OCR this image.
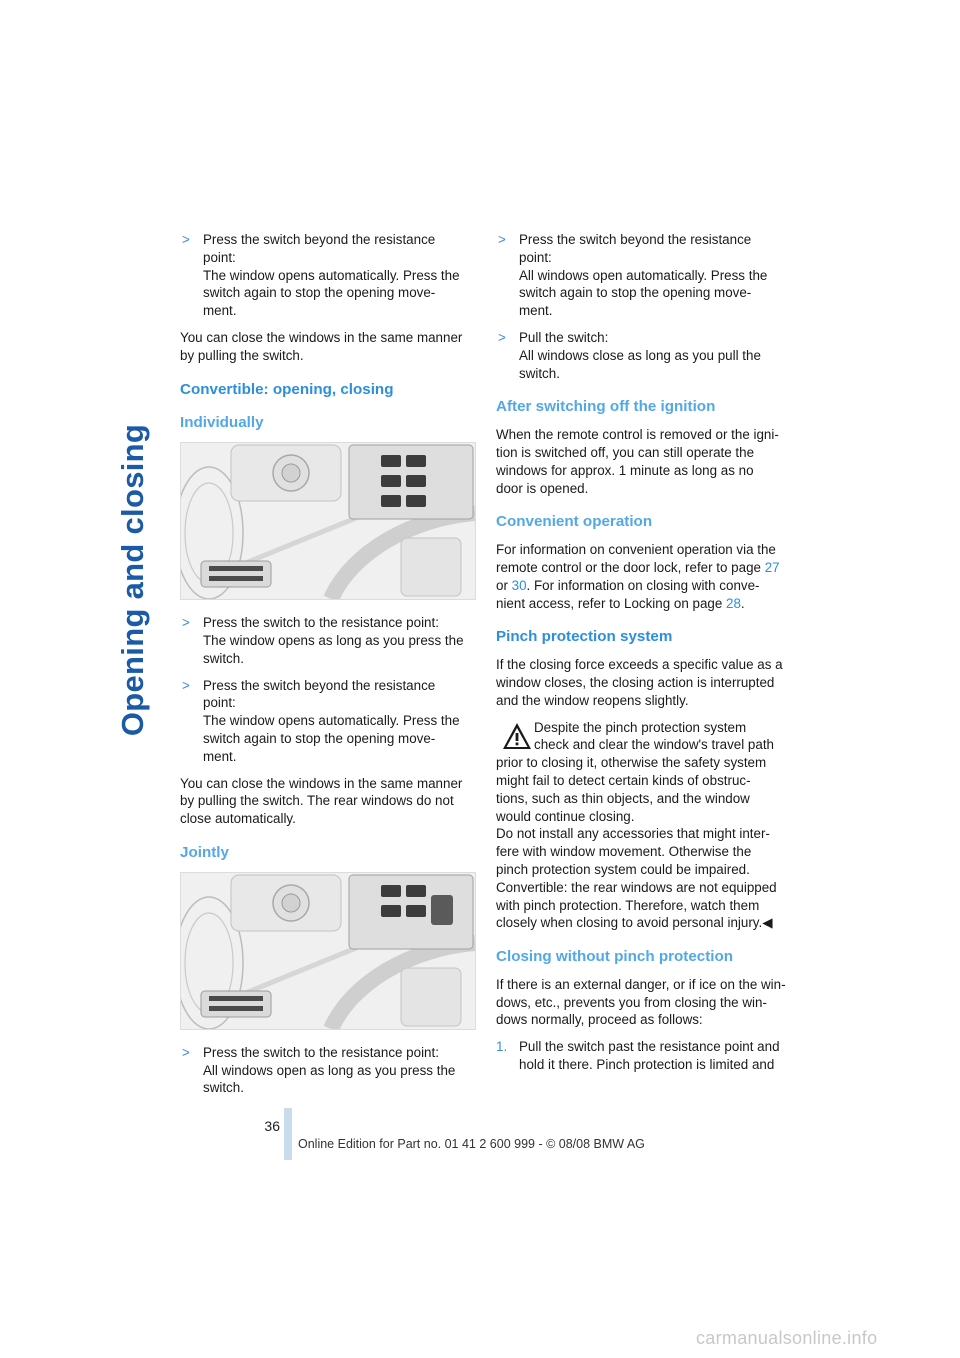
Opening and closing
> Press the switch beyond the resistance
point:
The window opens automatically. Press the
switch again to stop the opening move-
ment.

You can close the windows in the same manner
by pulling the switch.

Convertible: opening, closing
Individually
> Press the switch to the resistance point:
The window opens as long as you press the
switch.
> Press the switch beyond the resistance
point:
The window opens automatically. Press the
switch again to stop the opening move-
ment.

You can close the windows in the same manner
by pulling the switch. The rear windows do not
close automatically.

Jointly
> Press the switch to the resistance point:
All windows open as long as you press the
switch.
> Press the switch beyond the resistance
point:
All windows open automatically. Press the
switch again to stop the opening move-
ment.
> Pull the switch:
All windows close as long as you pull the
switch.
After switching off the ignition

When the remote control is removed or the igni-
tion is switched off, you can still operate the
windows for approx. 1 minute as long as no
door is opened.

Convenient operation

For information on convenient operation via the
remote control or the door lock, refer to page 27
or 30. For information on closing with conve-
nient access, refer to Locking on page 28.

Pinch protection system

If the closing force exceeds a specific value as a
window closes, the closing action is interrupted
and the window reopens slightly.

Despite the pinch protection system
check and clear the window's travel path
prior to closing it, otherwise the safety system
might fail to detect certain kinds of obstruc-
tions, such as thin objects, and the window
would continue closing.
Do not install any accessories that might inter-
fere with window movement. Otherwise the
pinch protection system could be impaired.
Convertible: the rear windows are not equipped
with pinch protection. Therefore, watch them
closely when closing to avoid personal injury.◀
Closing without pinch protection

If there is an external danger, or if ice on the win-
dows, etc., prevents you from closing the win-
dows normally, proceed as follows:

1. Pull the switch past the resistance point and
hold it there. Pinch protection is limited and
36
Online Edition for Part no. 01 41 2 600 999 - © 08/08 BMW AG
carmanualsonline.info
